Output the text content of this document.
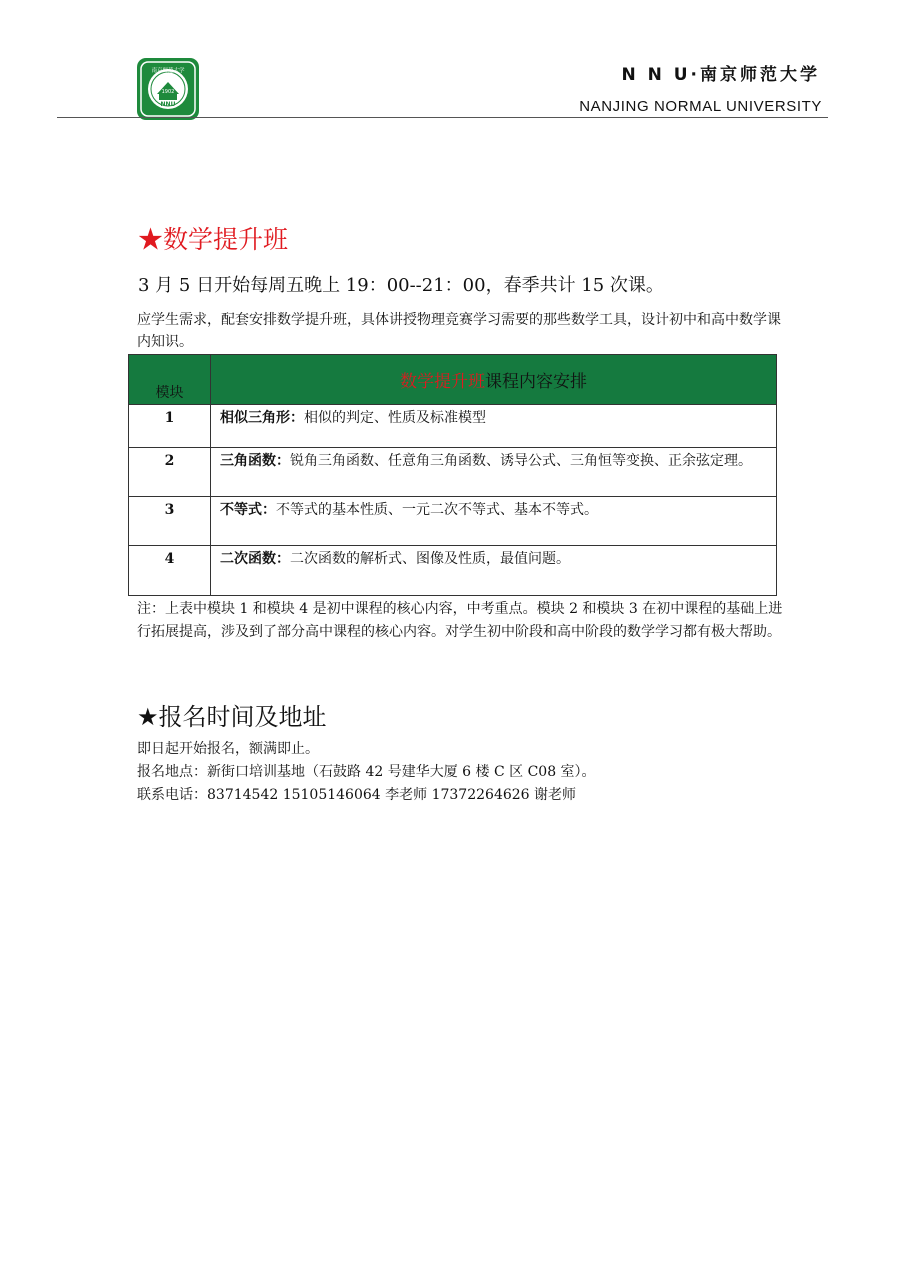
南京师范大学
1902
NNU
N N U·南京师范大学
NANJING NORMAL UNIVERSITY
★数学提升班
3 月 5 日开始每周五晚上 19：00--21：00，春季共计 15 次课。
应学生需求，配套安排数学提升班，具体讲授物理竞赛学习需要的那些数学工具，设计初中和高中数学课内知识。
模块	数学提升班课程内容安排
1	相似三角形：相似的判定、性质及标准模型
2	三角函数：锐角三角函数、任意角三角函数、诱导公式、三角恒等变换、正余弦定理。
3	不等式：不等式的基本性质、一元二次不等式、基本不等式。
4	二次函数：二次函数的解析式、图像及性质，最值问题。
注：上表中模块 1 和模块 4 是初中课程的核心内容，中考重点。模块 2 和模块 3 在初中课程的基础上进行拓展提高，涉及到了部分高中课程的核心内容。对学生初中阶段和高中阶段的数学学习都有极大帮助。
★报名时间及地址
即日起开始报名，额满即止。
报名地点：新街口培训基地（石鼓路 42 号建华大厦 6 楼 C 区 C08 室）。
联系电话：83714542 15105146064 李老师 17372264626 谢老师
